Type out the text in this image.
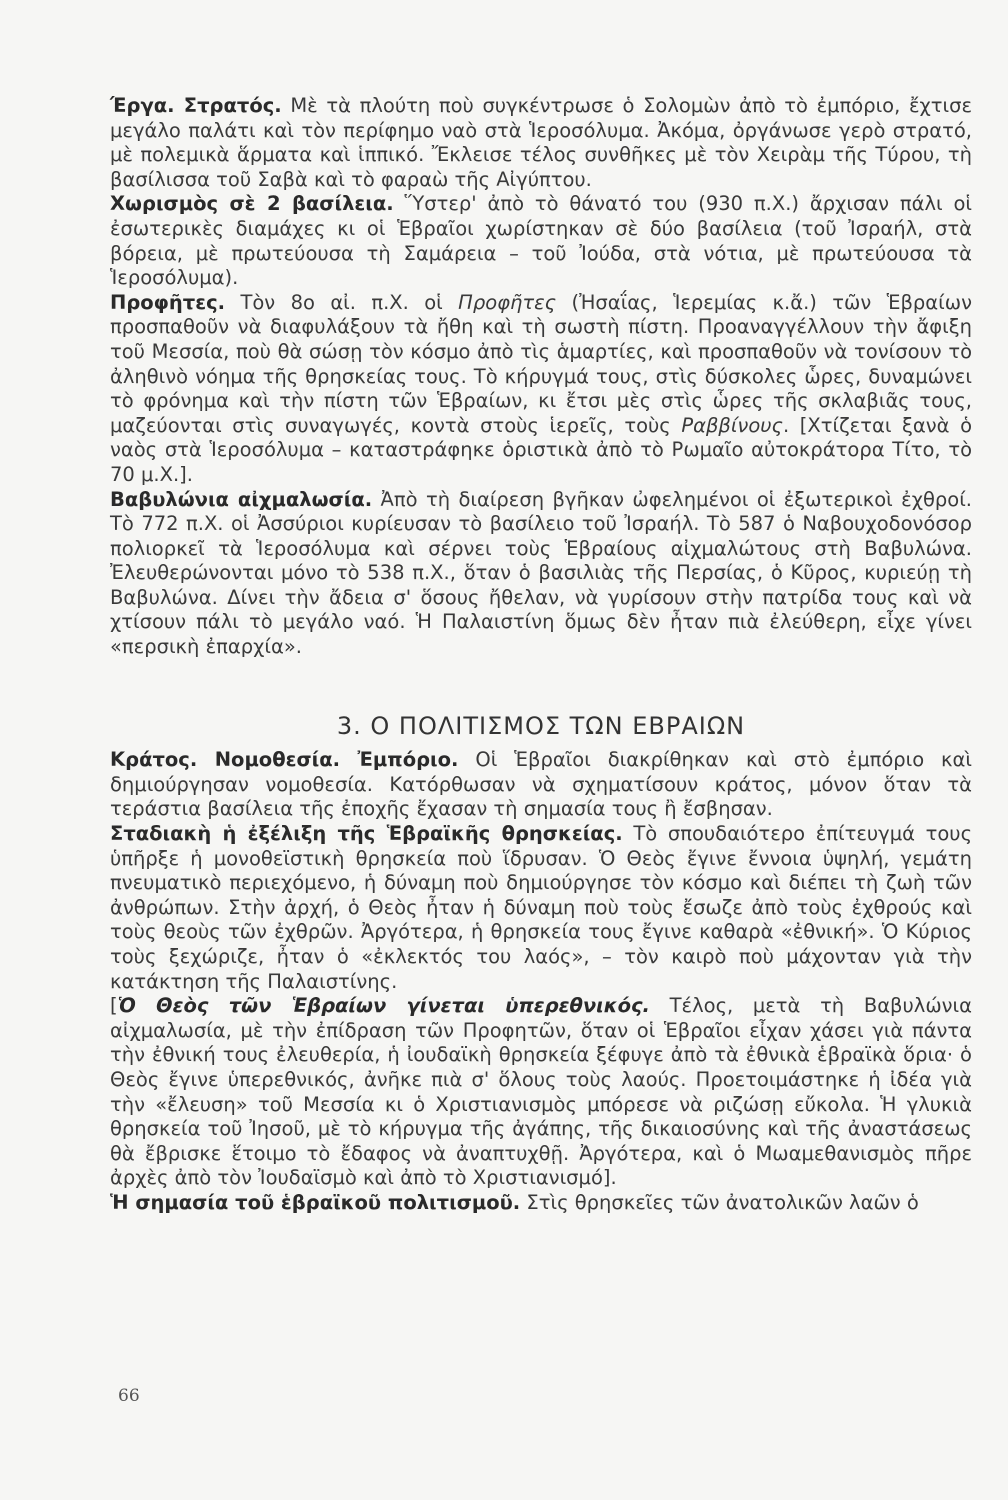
Έργα. Στρατός. Μὲ τὰ πλούτη ποὺ συγκέντρωσε ὁ Σολομὼν ἀπὸ τὸ ἐμπόριο, ἔχτισε μεγάλο παλάτι καὶ τὸν περίφημο ναὸ στὰ Ἱεροσόλυμα. Ἀκόμα, ὀργάνωσε γερὸ στρατό, μὲ πολεμικὰ ἅρματα καὶ ἱππικό. Ἔκλεισε τέλος συνθῆκες μὲ τὸν Χειρὰμ τῆς Τύρου, τὴ βασίλισσα τοῦ Σαβὰ καὶ τὸ φαραὼ τῆς Αἰγύπτου.

Χωρισμὸς σὲ 2 βασίλεια. Ὕστερ' ἀπὸ τὸ θάνατό του (930 π.Χ.) ἄρχισαν πάλι οἱ ἐσωτερικὲς διαμάχες κι οἱ Ἑβραῖοι χωρίστηκαν σὲ δύο βασίλεια (τοῦ Ἰσραήλ, στὰ βόρεια, μὲ πρωτεύουσα τὴ Σαμάρεια – τοῦ Ἰούδα, στὰ νότια, μὲ πρωτεύουσα τὰ Ἱεροσόλυμα).

Προφῆτες. Τὸν 8ο αἰ. π.Χ. οἱ Προφῆτες (Ἠσαΐας, Ἱερεμίας κ.ἄ.) τῶν Ἑβραίων προσπαθοῦν νὰ διαφυλάξουν τὰ ἤθη καὶ τὴ σωστὴ πίστη. Προαναγγέλλουν τὴν ἄφιξη τοῦ Μεσσία, ποὺ θὰ σώσῃ τὸν κόσμο ἀπὸ τὶς ἁμαρτίες, καὶ προσπαθοῦν νὰ τονίσουν τὸ ἀληθινὸ νόημα τῆς θρησκείας τους. Τὸ κήρυγμά τους, στὶς δύσκολες ὧρες, δυναμώνει τὸ φρόνημα καὶ τὴν πίστη τῶν Ἑβραίων, κι ἔτσι μὲς στὶς ὧρες τῆς σκλαβιᾶς τους, μαζεύονται στὶς συναγωγές, κοντὰ στοὺς ἱερεῖς, τοὺς Ραββίνους. [Χτίζεται ξανὰ ὁ ναὸς στὰ Ἱεροσόλυμα – καταστράφηκε ὁριστικὰ ἀπὸ τὸ Ρωμαῖο αὐτοκράτορα Τίτο, τὸ 70 μ.Χ.].

Βαβυλώνια αἰχμαλωσία. Ἀπὸ τὴ διαίρεση βγῆκαν ὠφελημένοι οἱ ἐξωτερικοὶ ἐχθροί. Τὸ 772 π.Χ. οἱ Ἀσσύριοι κυρίευσαν τὸ βασίλειο τοῦ Ἰσραήλ. Τὸ 587 ὁ Ναβουχοδονόσορ πολιορκεῖ τὰ Ἱεροσόλυμα καὶ σέρνει τοὺς Ἑβραίους αἰχμαλώτους στὴ Βαβυλώνα. Ἐλευθερώνονται μόνο τὸ 538 π.Χ., ὅταν ὁ βασιλιὰς τῆς Περσίας, ὁ Κῦρος, κυριεύῃ τὴ Βαβυλώνα. Δίνει τὴν ἄδεια σ' ὅσους ἤθελαν, νὰ γυρίσουν στὴν πατρίδα τους καὶ νὰ χτίσουν πάλι τὸ μεγάλο ναό. Ἡ Παλαιστίνη ὅμως δὲν ἦταν πιὰ ἐλεύθερη, εἶχε γίνει «περσικὴ ἐπαρχία».

3. Ο ΠΟΛΙΤΙΣΜΟΣ ΤΩΝ ΕΒΡΑΙΩΝ

Κράτος. Νομοθεσία. Ἐμπόριο. Οἱ Ἑβραῖοι διακρίθηκαν καὶ στὸ ἐμπόριο καὶ δημιούργησαν νομοθεσία. Κατόρθωσαν νὰ σχηματίσουν κράτος, μόνον ὅταν τὰ τεράστια βασίλεια τῆς ἐποχῆς ἔχασαν τὴ σημασία τους ἢ ἔσβησαν.

Σταδιακὴ ἡ ἐξέλιξη τῆς Ἑβραϊκῆς θρησκείας. Τὸ σπουδαιότερο ἐπίτευγμά τους ὑπῆρξε ἡ μονοθεϊστικὴ θρησκεία ποὺ ἵδρυσαν. Ὁ Θεὸς ἔγινε ἔννοια ὑψηλή, γεμάτη πνευματικὸ περιεχόμενο, ἡ δύναμη ποὺ δημιούργησε τὸν κόσμο καὶ διέπει τὴ ζωὴ τῶν ἀνθρώπων. Στὴν ἀρχή, ὁ Θεὸς ἦταν ἡ δύναμη ποὺ τοὺς ἔσωζε ἀπὸ τοὺς ἐχθρούς καὶ τοὺς θεοὺς τῶν ἐχθρῶν. Ἀργότερα, ἡ θρησκεία τους ἔγινε καθαρὰ «ἐθνική». Ὁ Κύριος τοὺς ξεχώριζε, ἦταν ὁ «ἐκλεκτός του λαός», – τὸν καιρὸ ποὺ μάχονταν γιὰ τὴν κατάκτηση τῆς Παλαιστίνης.

[Ὁ Θεὸς τῶν Ἑβραίων γίνεται ὑπερεθνικός. Τέλος, μετὰ τὴ Βαβυλώνια αἰχμαλωσία, μὲ τὴν ἐπίδραση τῶν Προφητῶν, ὅταν οἱ Ἑβραῖοι εἶχαν χάσει γιὰ πάντα τὴν ἐθνική τους ἐλευθερία, ἡ ἰουδαϊκὴ θρησκεία ξέφυγε ἀπὸ τὰ ἐθνικὰ ἑβραϊκὰ ὅρια· ὁ Θεὸς ἔγινε ὑπερεθνικός, ἀνῆκε πιὰ σ' ὅλους τοὺς λαούς. Προετοιμάστηκε ἡ ἰδέα γιὰ τὴν «ἔλευση» τοῦ Μεσσία κι ὁ Χριστιανισμὸς μπόρεσε νὰ ριζώσῃ εὔκολα. Ἡ γλυκιὰ θρησκεία τοῦ Ἰησοῦ, μὲ τὸ κήρυγμα τῆς ἀγάπης, τῆς δικαιοσύνης καὶ τῆς ἀναστάσεως θὰ ἔβρισκε ἕτοιμο τὸ ἔδαφος νὰ ἀναπτυχθῇ. Ἀργότερα, καὶ ὁ Μωαμεθανισμὸς πῆρε ἀρχὲς ἀπὸ τὸν Ἰουδαϊσμὸ καὶ ἀπὸ τὸ Χριστιανισμό].

Ἡ σημασία τοῦ ἑβραϊκοῦ πολιτισμοῦ. Στὶς θρησκεῖες τῶν ἀνατολικῶν λαῶν ὁ

66
